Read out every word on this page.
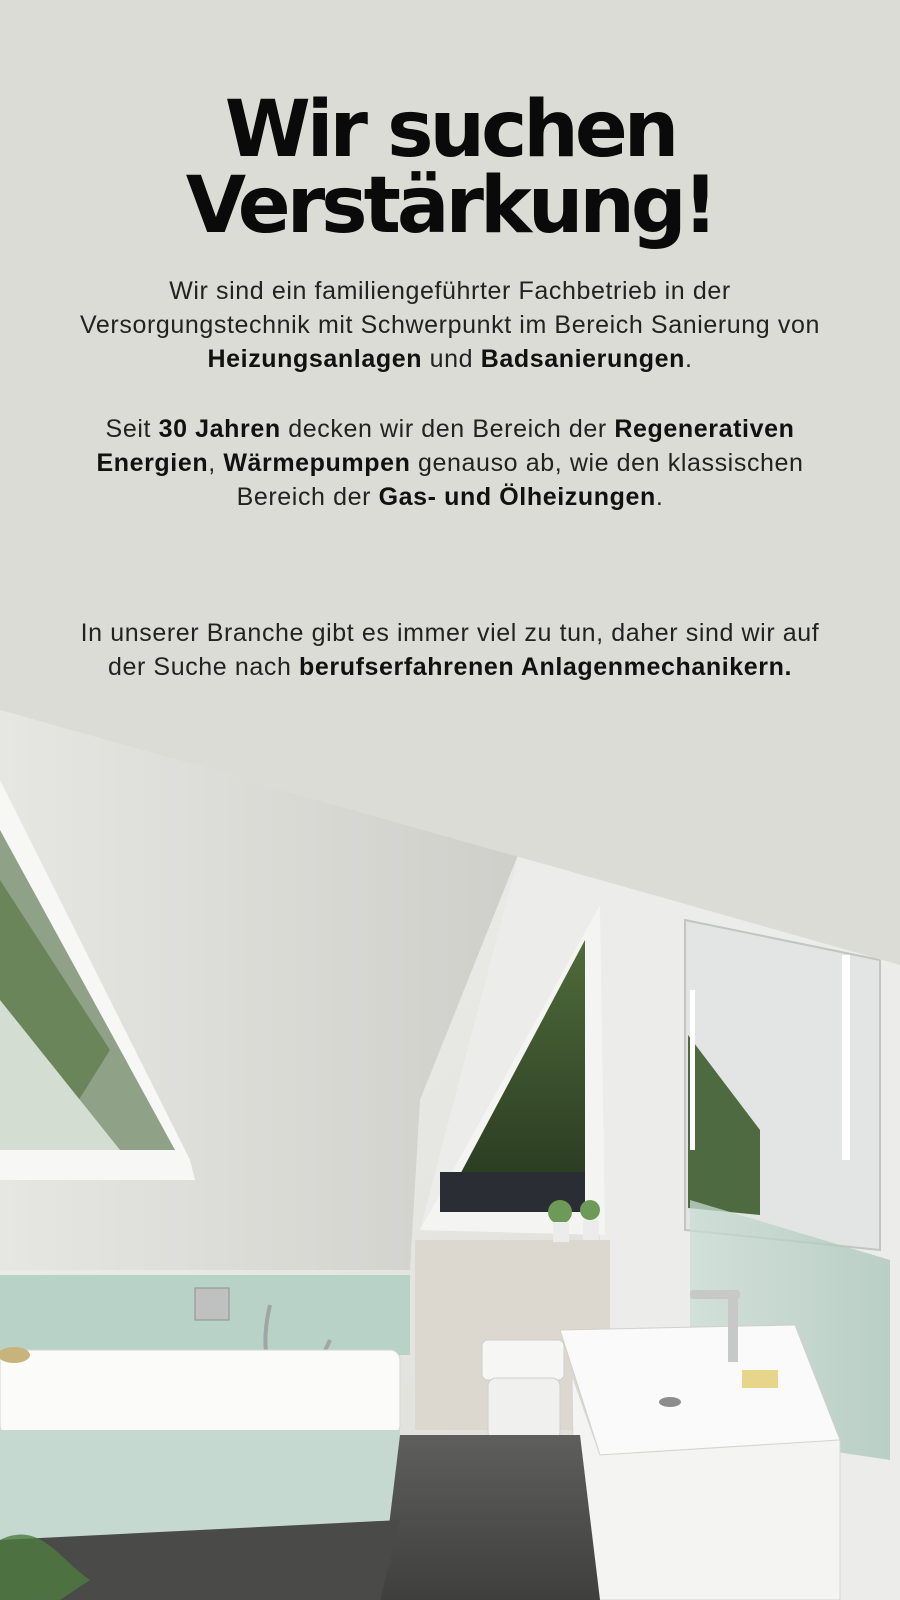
Wir suchen
Verstärkung!

Wir sind ein familiengeführter Fachbetrieb in der Versorgungstechnik mit Schwerpunkt im Bereich Sanierung von Heizungsanlagen und Badsanierungen.

Seit 30 Jahren decken wir den Bereich der Regenerativen Energien, Wärmepumpen genauso ab, wie den klassischen Bereich der Gas- und Ölheizungen.

In unserer Branche gibt es immer viel zu tun, daher sind wir auf der Suche nach berufserfahrenen Anlagenmechanikern.
